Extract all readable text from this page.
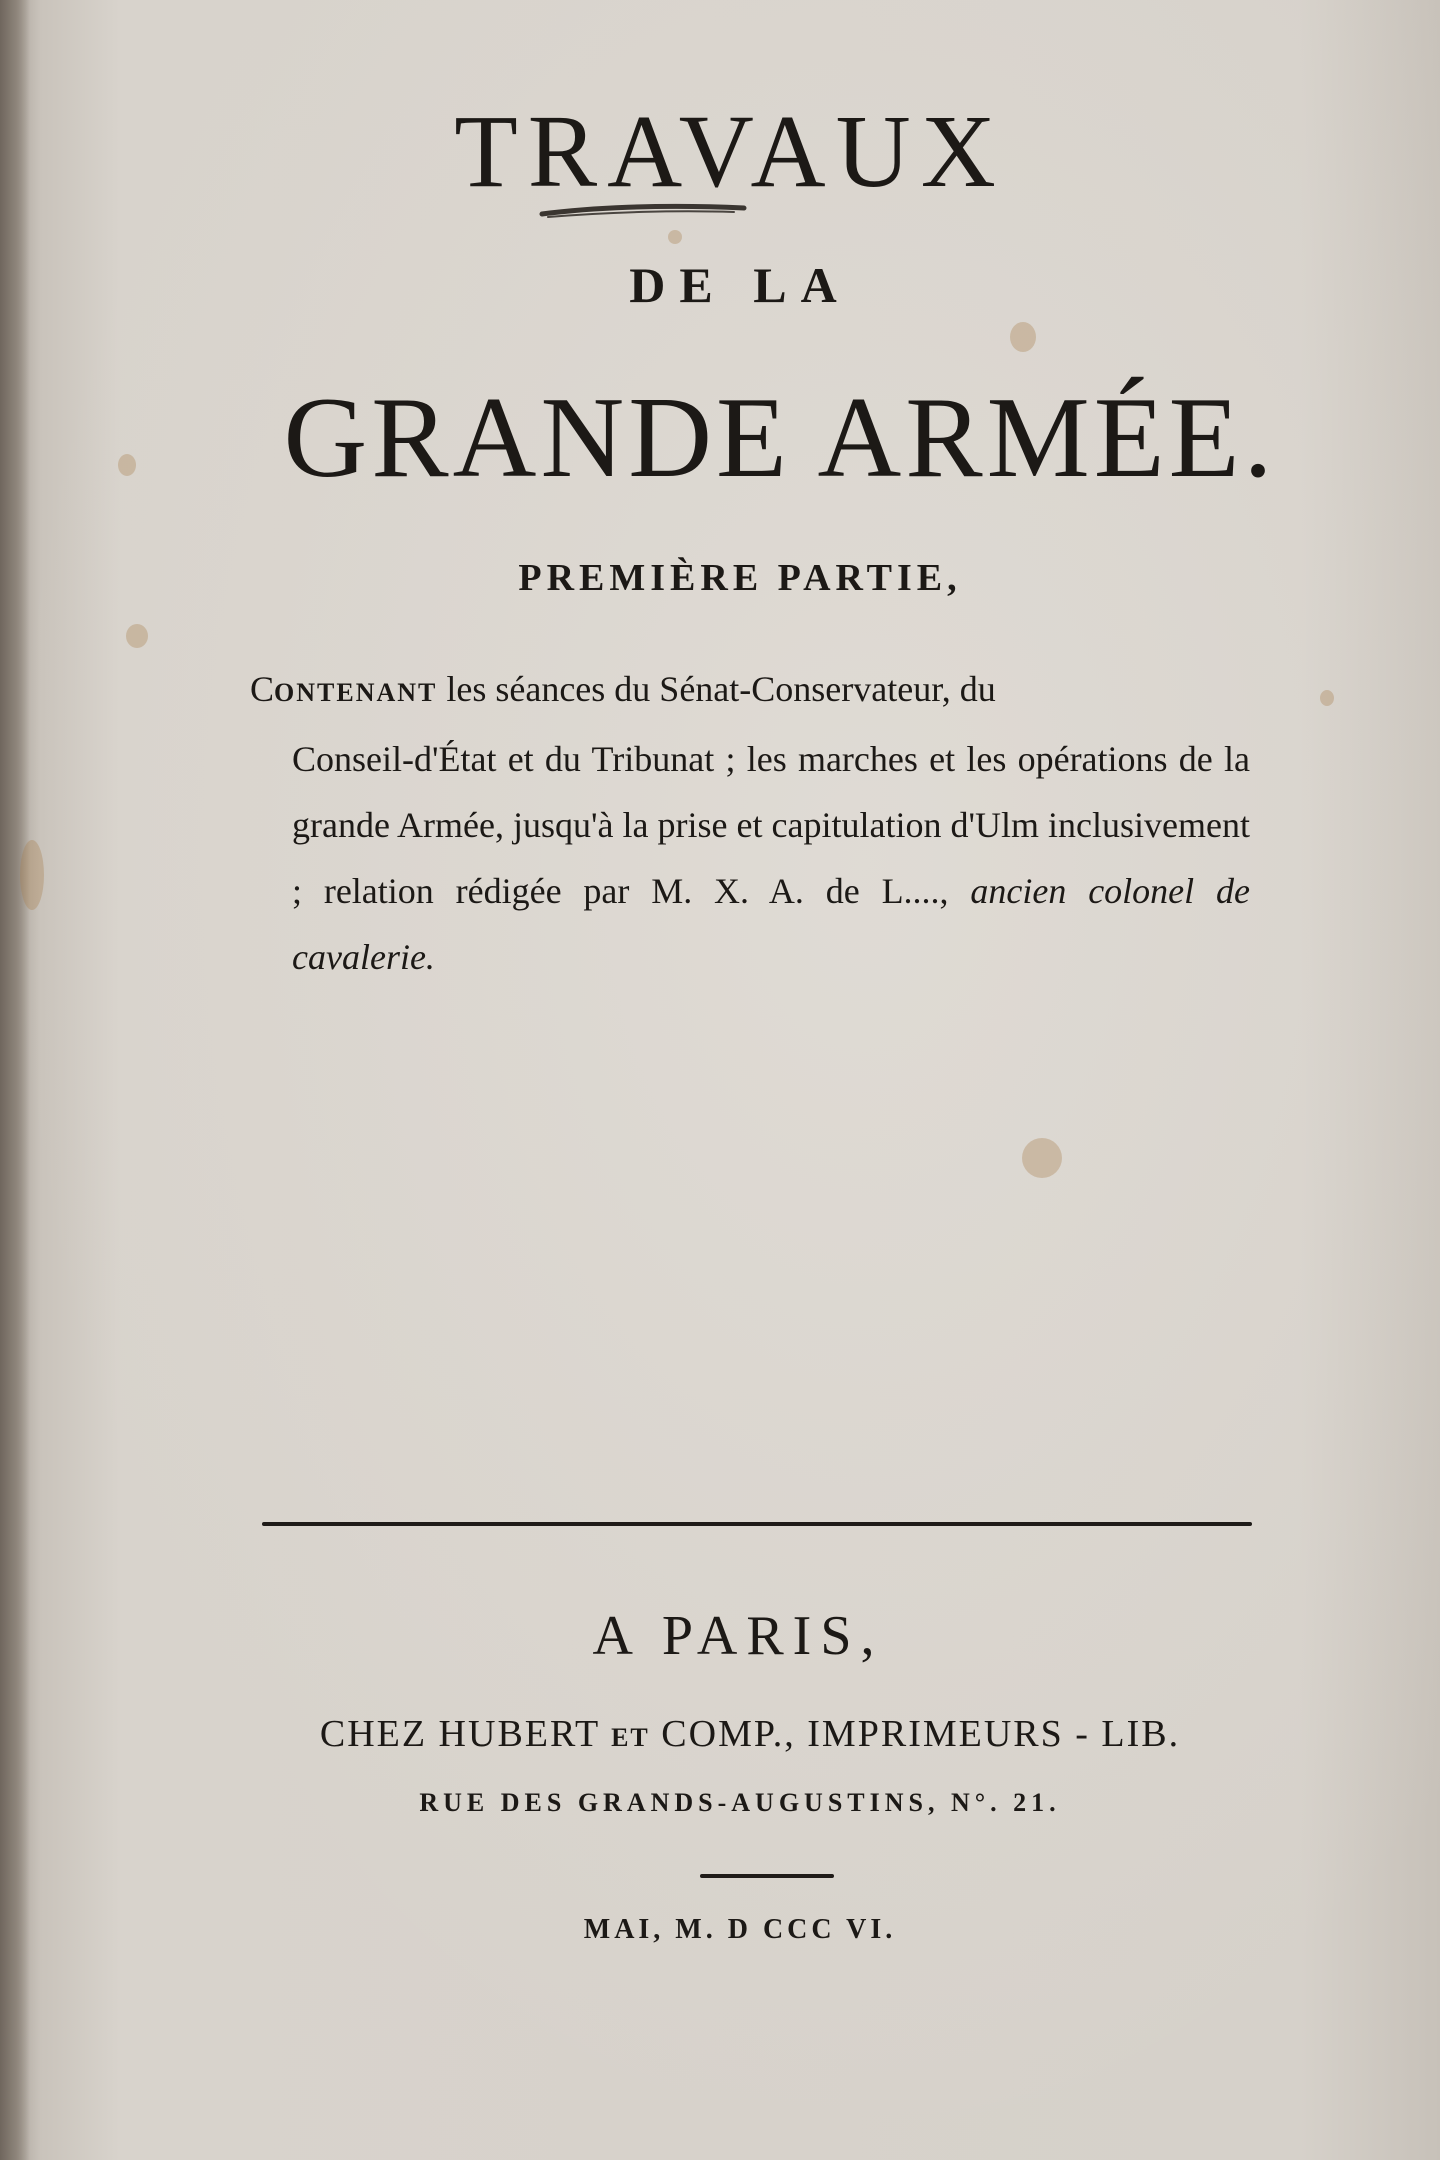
TRAVAUX
DE LA
GRANDE ARMÉE.
PREMIÈRE PARTIE,
CONTENANT les séances du Sénat-Conservateur, du
Conseil-d'État et du Tribunat ; les marches et les opérations de la grande Armée, jusqu'à la prise et capitulation d'Ulm inclusivement ; relation rédigée par M. X. A. de L...., ancien colonel de cavalerie.
A PARIS,
CHEZ HUBERT ET COMP., IMPRIMEURS - LIB.
RUE DES GRANDS-AUGUSTINS, N°. 21.
MAI, M. D CCC VI.
